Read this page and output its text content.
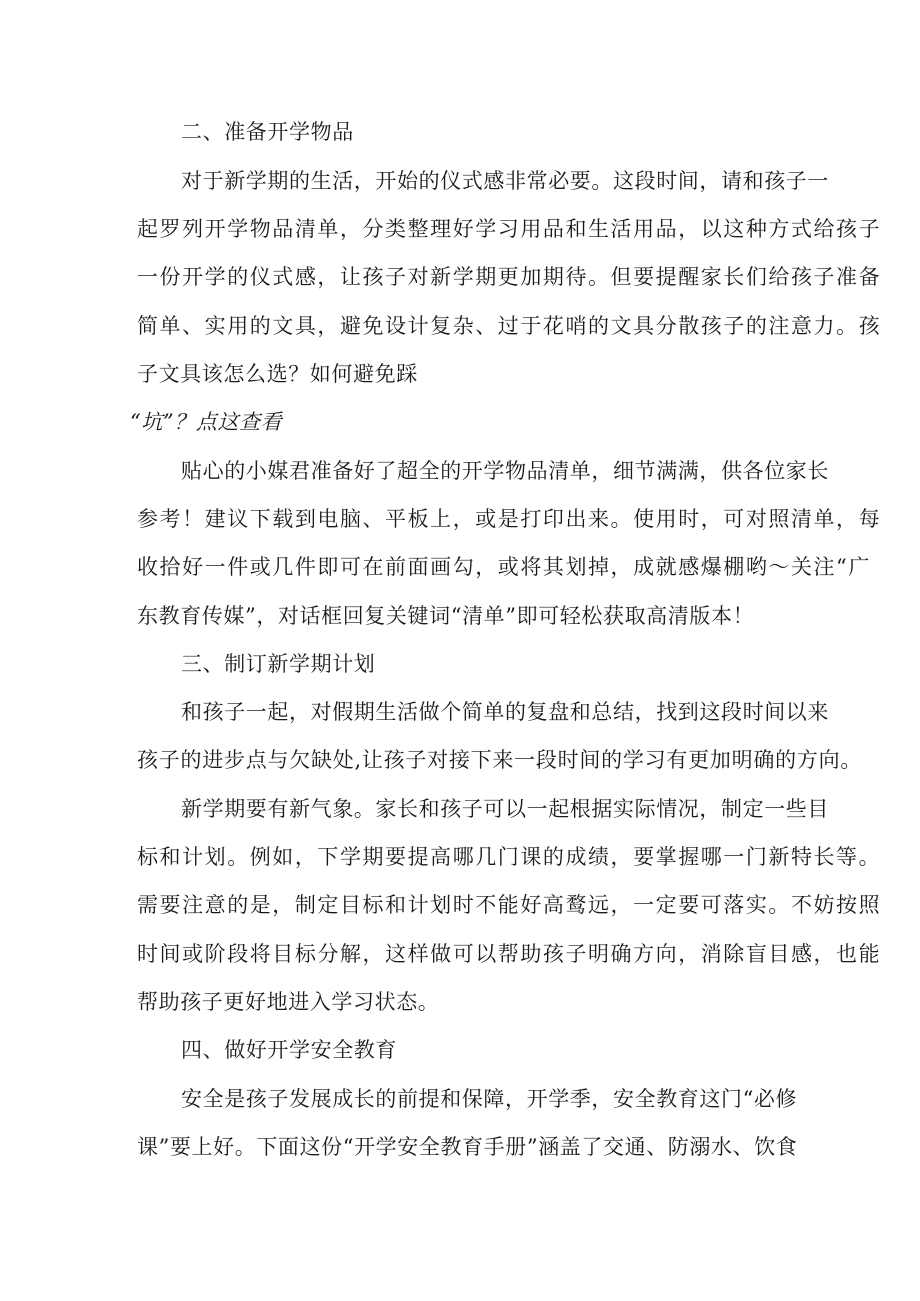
二、准备开学物品

对于新学期的生活，开始的仪式感非常必要。这段时间，请和孩子一

起罗列开学物品清单，分类整理好学习用品和生活用品，以这种方式给孩子

一份开学的仪式感，让孩子对新学期更加期待。但要提醒家长们给孩子准备

简单、实用的文具，避免设计复杂、过于花哨的文具分散孩子的注意力。孩

子文具该怎么选？如何避免踩

“坑”？点这查看

贴心的小媒君准备好了超全的开学物品清单，细节满满，供各位家长

参考！建议下载到电脑、平板上，或是打印出来。使用时，可对照清单，每

收拾好一件或几件即可在前面画勾，或将其划掉，成就感爆棚哟～关注“广

东教育传媒”，对话框回复关键词“清单”即可轻松获取高清版本！

三、制订新学期计划

和孩子一起，对假期生活做个简单的复盘和总结，找到这段时间以来

孩子的进步点与欠缺处,让孩子对接下来一段时间的学习有更加明确的方向。

新学期要有新气象。家长和孩子可以一起根据实际情况，制定一些目

标和计划。例如，下学期要提高哪几门课的成绩，要掌握哪一门新特长等。

需要注意的是，制定目标和计划时不能好高鹜远，一定要可落实。不妨按照

时间或阶段将目标分解，这样做可以帮助孩子明确方向，消除盲目感，也能

帮助孩子更好地进入学习状态。

四、做好开学安全教育

安全是孩子发展成长的前提和保障，开学季，安全教育这门“必修

课”要上好。下面这份“开学安全教育手册”涵盖了交通、防溺水、饮食
